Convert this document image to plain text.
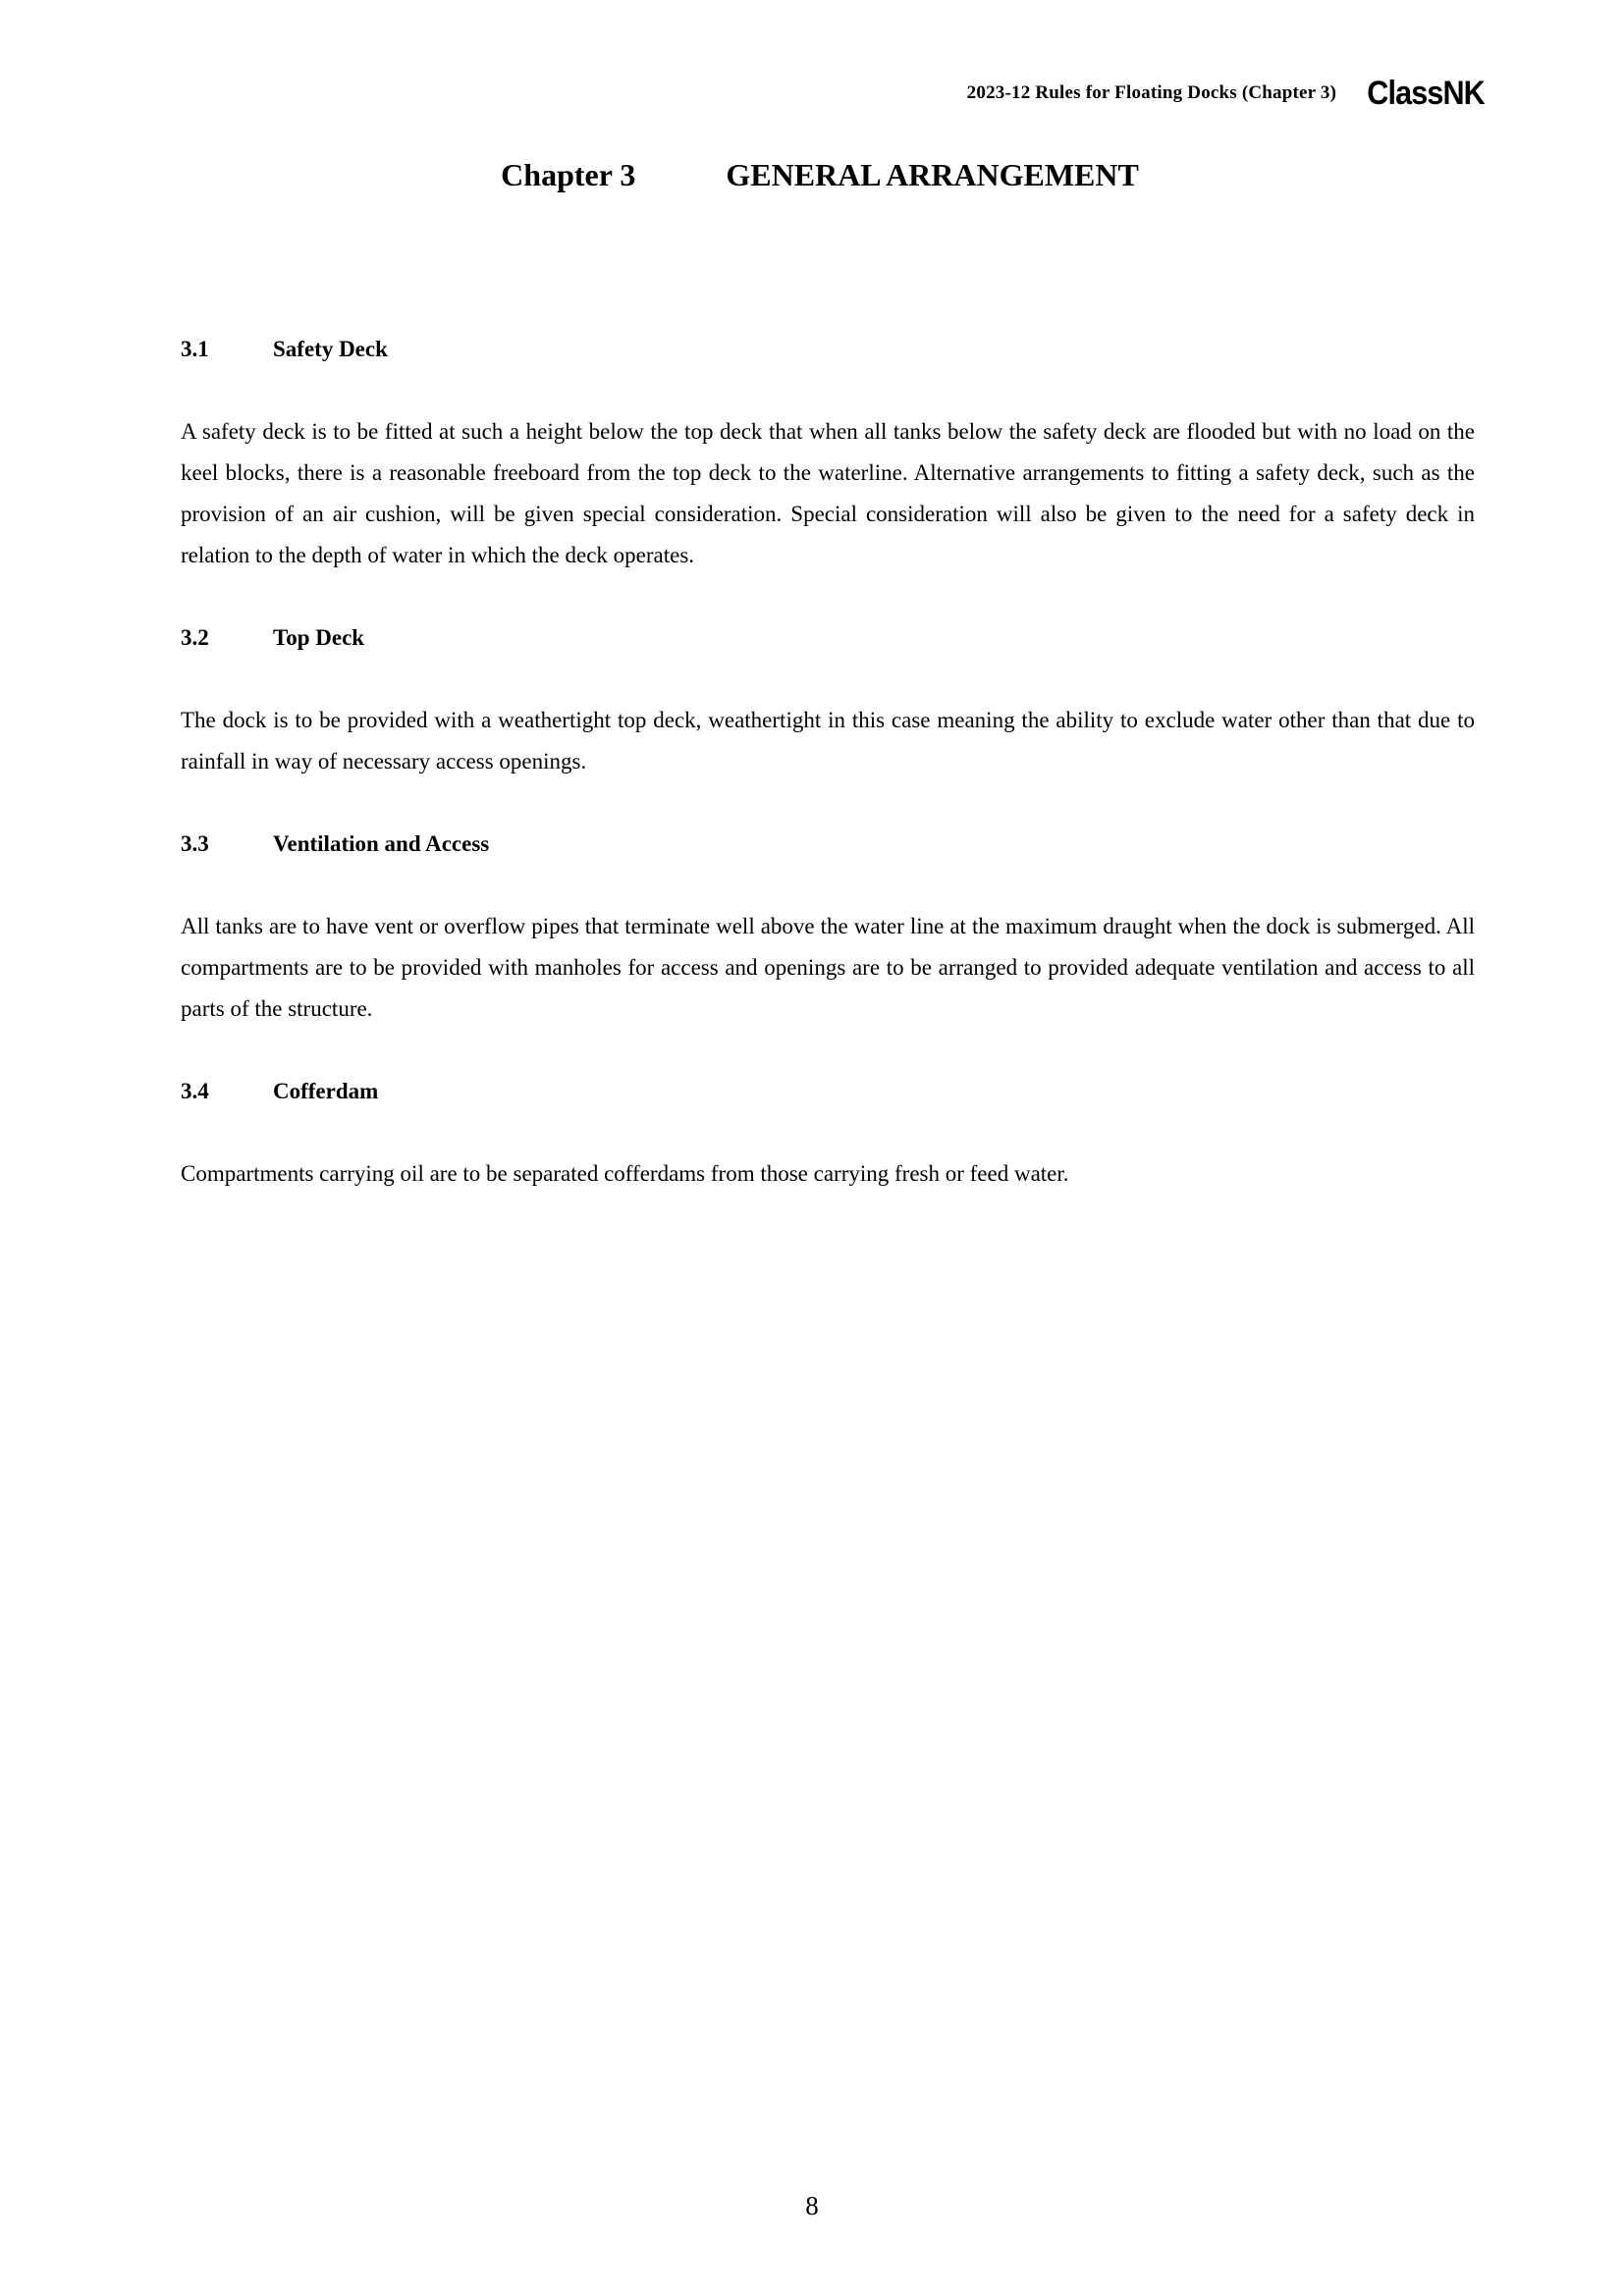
2023-12 Rules for Floating Docks (Chapter 3) ClassNK
Chapter 3	GENERAL ARRANGEMENT
3.1	Safety Deck

A safety deck is to be fitted at such a height below the top deck that when all tanks below the safety deck are flooded but with no load on the keel blocks, there is a reasonable freeboard from the top deck to the waterline. Alternative arrangements to fitting a safety deck, such as the provision of an air cushion, will be given special consideration. Special consideration will also be given to the need for a safety deck in relation to the depth of water in which the deck operates.

3.2	Top Deck

The dock is to be provided with a weathertight top deck, weathertight in this case meaning the ability to exclude water other than that due to rainfall in way of necessary access openings.

3.3	Ventilation and Access

All tanks are to have vent or overflow pipes that terminate well above the water line at the maximum draught when the dock is submerged. All compartments are to be provided with manholes for access and openings are to be arranged to provided adequate ventilation and access to all parts of the structure.

3.4	Cofferdam

Compartments carrying oil are to be separated cofferdams from those carrying fresh or feed water.

8
